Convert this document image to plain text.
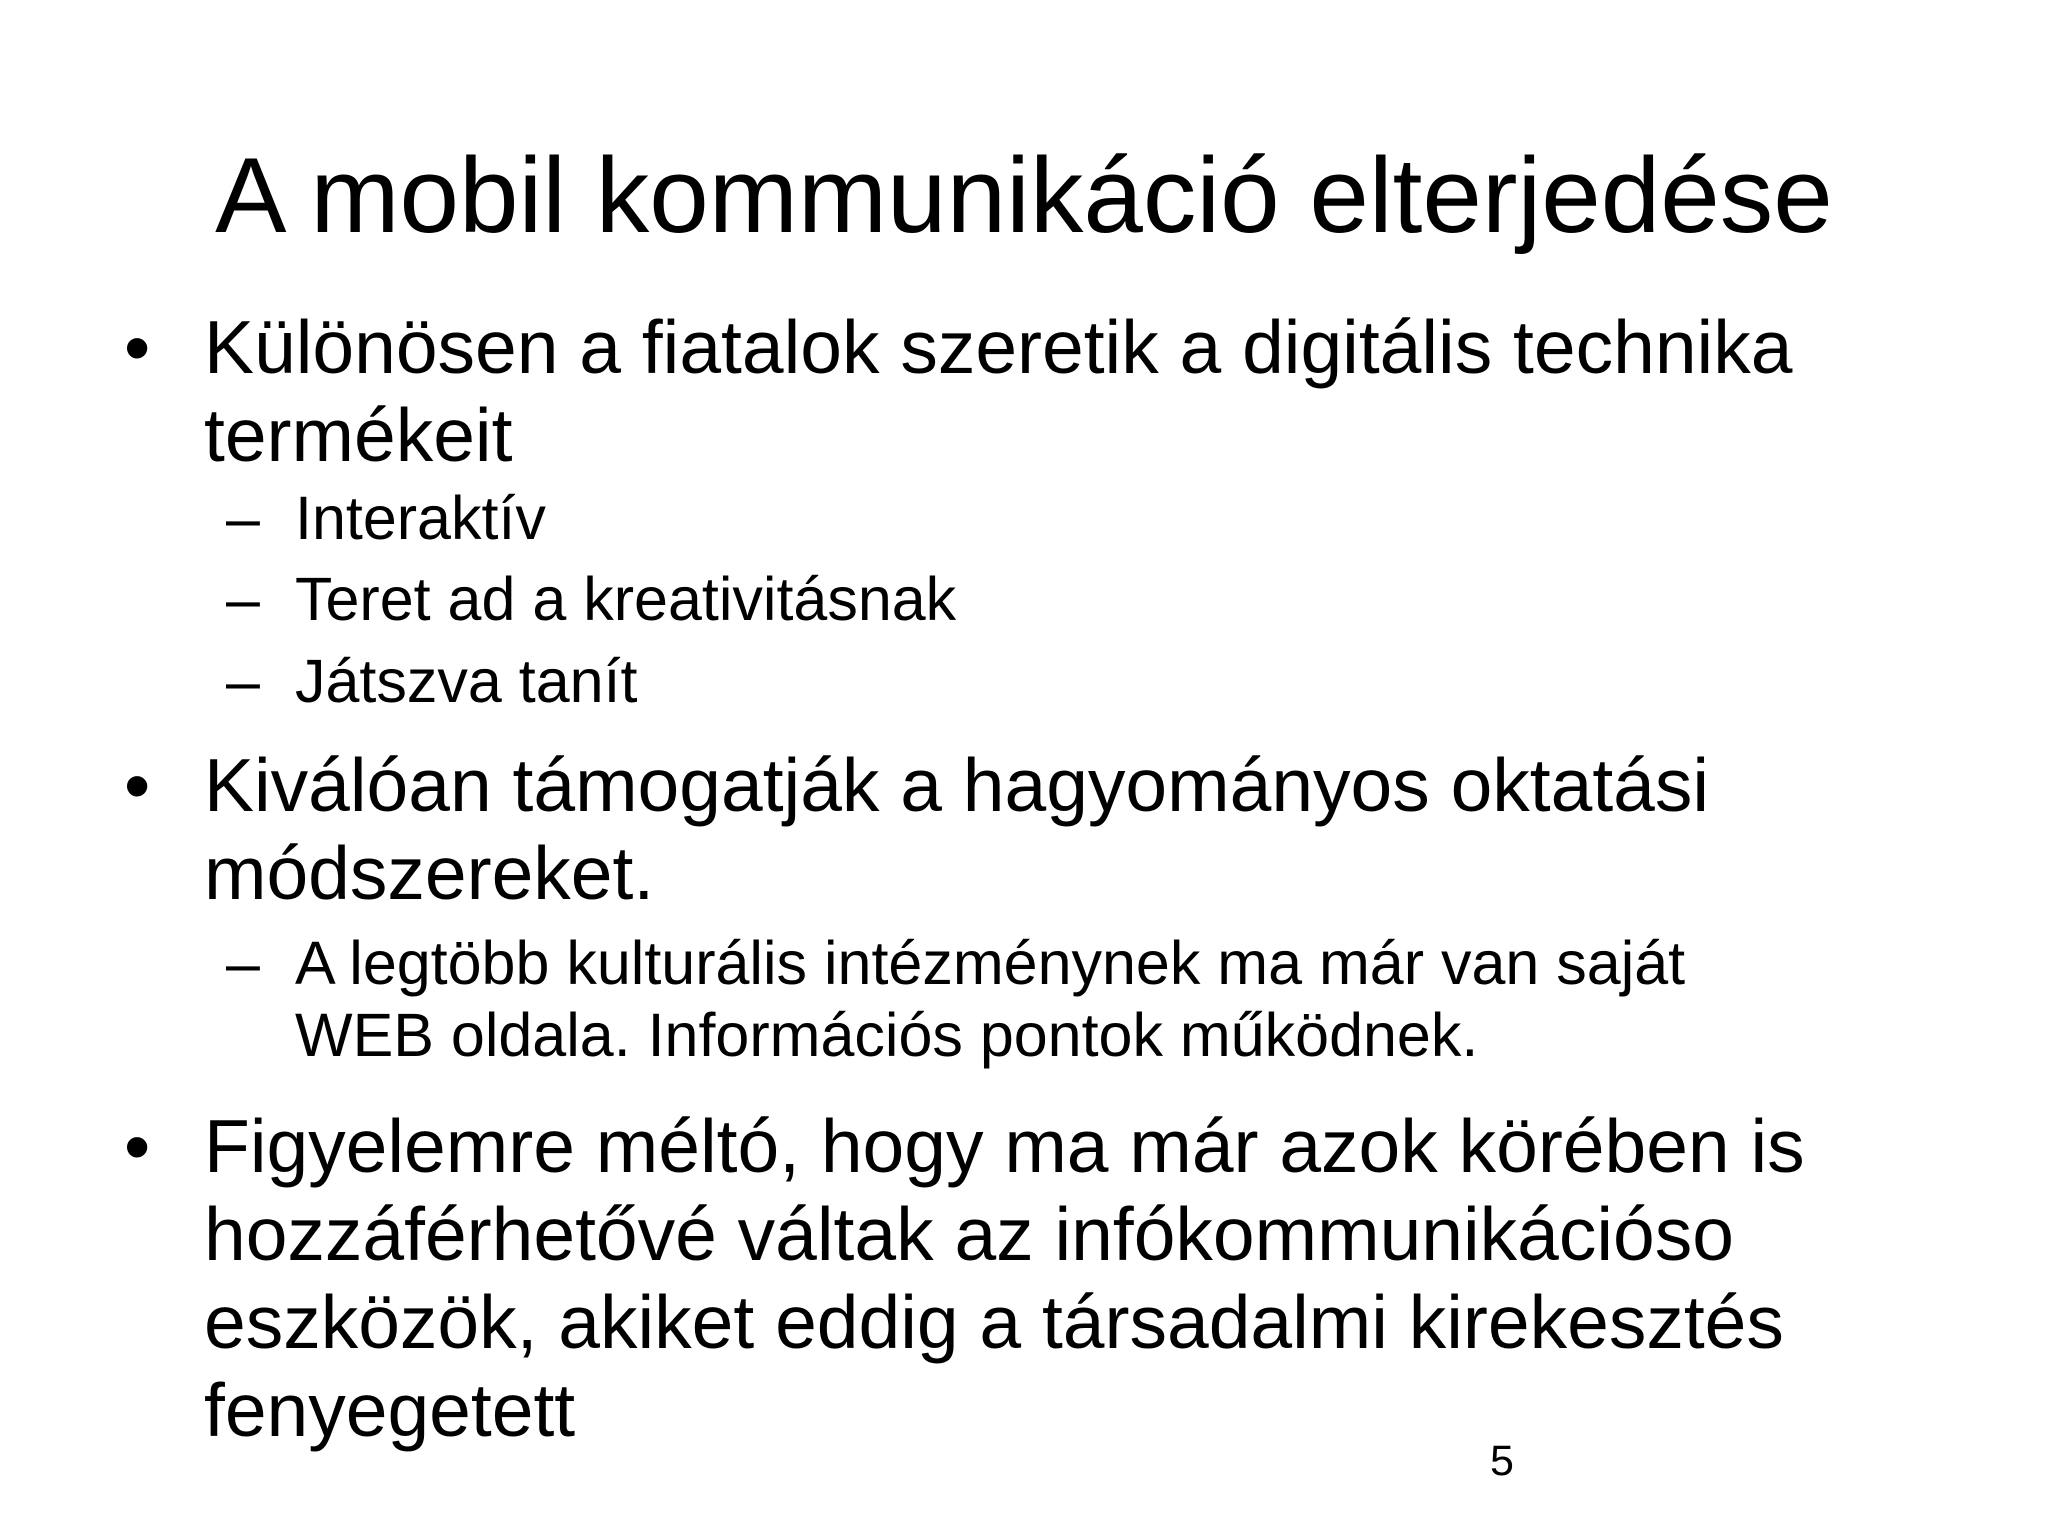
A mobil kommunikáció elterjedése
• Különösen a fiatalok szeretik a digitális technika
termékeit
– Interaktív
– Teret ad a kreativitásnak
– Játszva tanít
• Kiválóan támogatják a hagyományos oktatási
módszereket.
– A legtöbb kulturális intézménynek ma már van saját
WEB oldala. Információs pontok működnek.
• Figyelemre méltó, hogy ma már azok körében is
hozzáférhetővé váltak az infókommunikációso
eszközök, akiket eddig a társadalmi kirekesztés
fenyegetett
5
